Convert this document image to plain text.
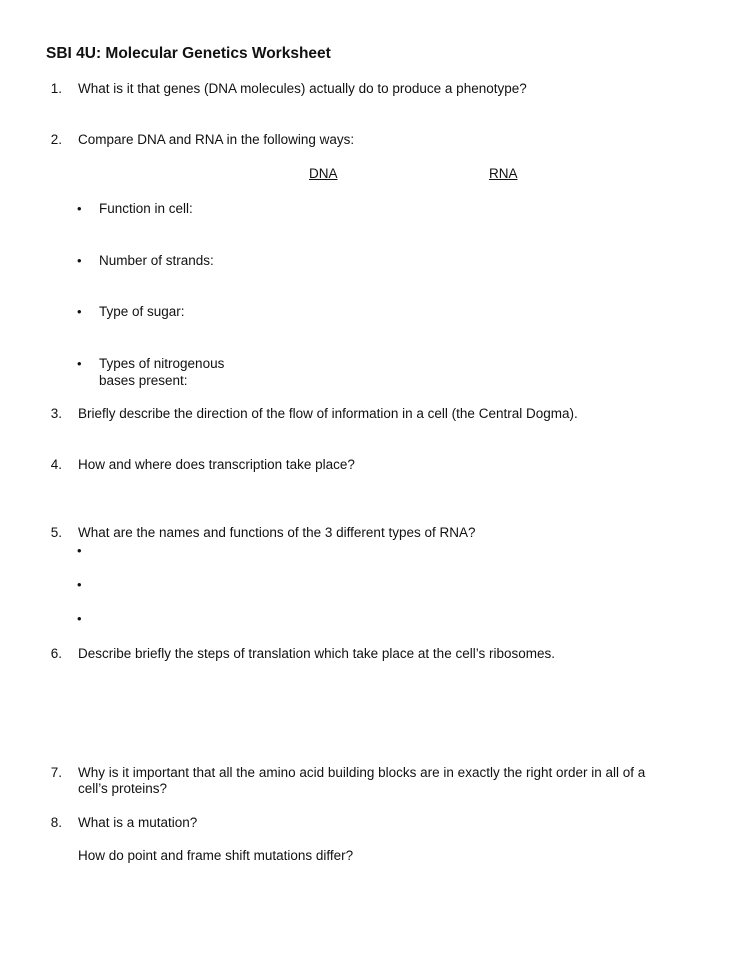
SBI 4U: Molecular Genetics Worksheet
1. What is it that genes (DNA molecules) actually do to produce a phenotype?
2. Compare DNA and RNA in the following ways:
DNA	RNA
• Function in cell:
• Number of strands:
• Type of sugar:
• Types of nitrogenous
bases present:
3. Briefly describe the direction of the flow of information in a cell (the Central Dogma).
4. How and where does transcription take place?
5. What are the names and functions of the 3 different types of RNA?
•
•
•
6. Describe briefly the steps of translation which take place at the cell’s ribosomes.
7. Why is it important that all the amino acid building blocks are in exactly the right order in all of a
cell’s proteins?
8. What is a mutation?
How do point and frame shift mutations differ?
